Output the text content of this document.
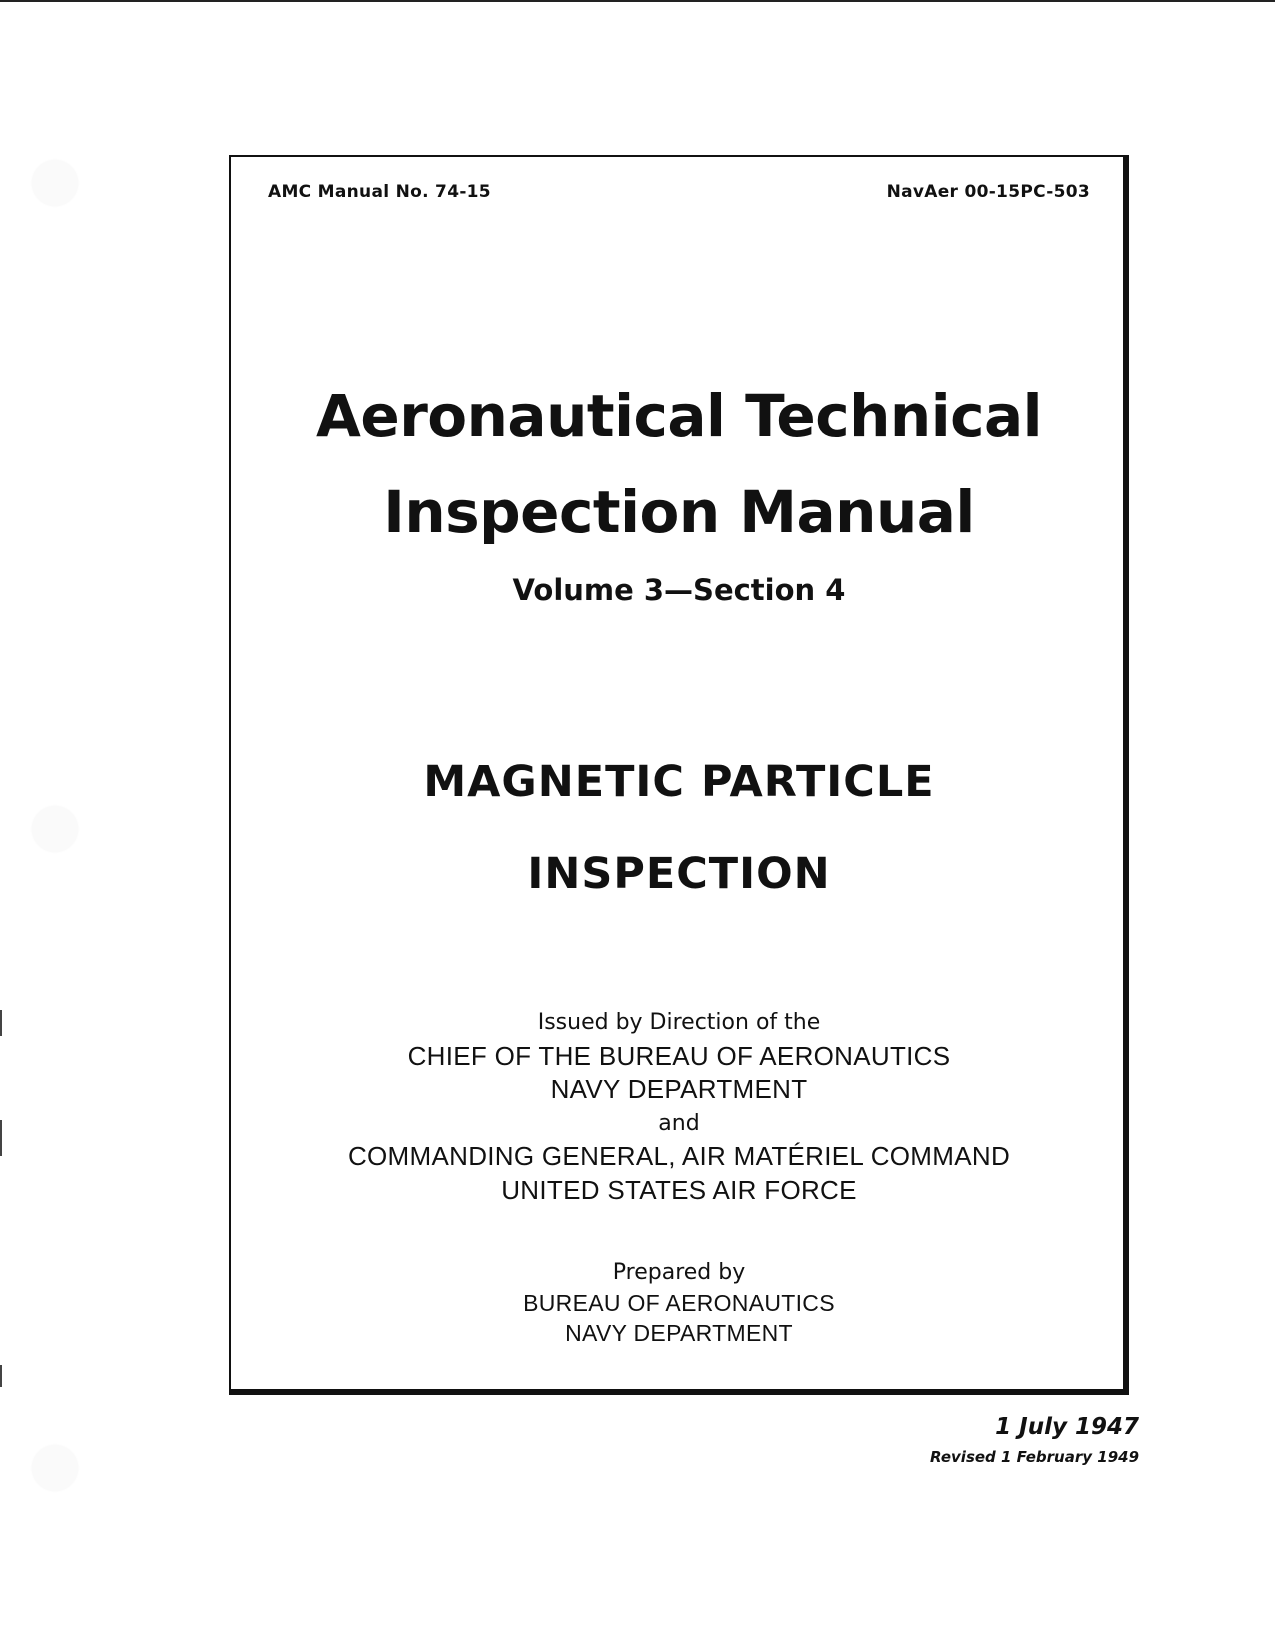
AMC Manual No. 74-15	NavAer 00-15PC-503
Aeronautical Technical
Inspection Manual
Volume 3—Section 4
MAGNETIC PARTICLE
INSPECTION
Issued by Direction of the
CHIEF OF THE BUREAU OF AERONAUTICS
NAVY DEPARTMENT
and
COMMANDING GENERAL, AIR MATÉRIEL COMMAND
UNITED STATES AIR FORCE
Prepared by
BUREAU OF AERONAUTICS
NAVY DEPARTMENT
1 July 1947
Revised 1 February 1949
